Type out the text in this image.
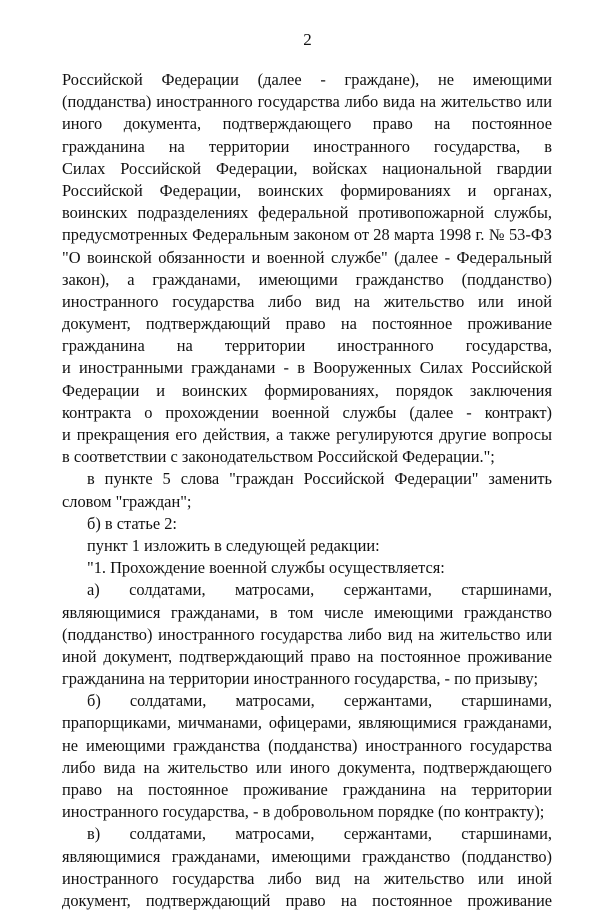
2
Российской Федерации (далее - граждане), не имеющими
(подданства) иностранного государства либо вида на жительство или
иного документа, подтверждающего право на постоянное
гражданина на территории иностранного государства, в
Силах Российской Федерации, войсках национальной гвардии
Российской Федерации, воинских формированиях и органах,
воинских подразделениях федеральной противопожарной службы,
предусмотренных Федеральным законом от 28 марта 1998 г. № 53-ФЗ
"О воинской обязанности и военной службе" (далее - Федеральный
закон), а гражданами, имеющими гражданство (подданство)
иностранного государства либо вид на жительство или иной
документ, подтверждающий право на постоянное проживание
гражданина на территории иностранного государства,
и иностранными гражданами - в Вооруженных Силах Российской
Федерации и воинских формированиях, порядок заключения
контракта о прохождении военной службы (далее - контракт)
и прекращения его действия, а также регулируются другие вопросы
в соответствии с законодательством Российской Федерации.";
в пункте 5 слова "граждан Российской Федерации" заменить
словом "граждан";
б) в статье 2:
пункт 1 изложить в следующей редакции:
"1. Прохождение военной службы осуществляется:
а) солдатами, матросами, сержантами, старшинами,
являющимися гражданами, в том числе имеющими гражданство
(подданство) иностранного государства либо вид на жительство или
иной документ, подтверждающий право на постоянное проживание
гражданина на территории иностранного государства, - по призыву;
б) солдатами, матросами, сержантами, старшинами,
прапорщиками, мичманами, офицерами, являющимися гражданами,
не имеющими гражданства (подданства) иностранного государства
либо вида на жительство или иного документа, подтверждающего
право на постоянное проживание гражданина на территории
иностранного государства, - в добровольном порядке (по контракту);
в) солдатами, матросами, сержантами, старшинами,
являющимися гражданами, имеющими гражданство (подданство)
иностранного государства либо вид на жительство или иной
документ, подтверждающий право на постоянное проживание
